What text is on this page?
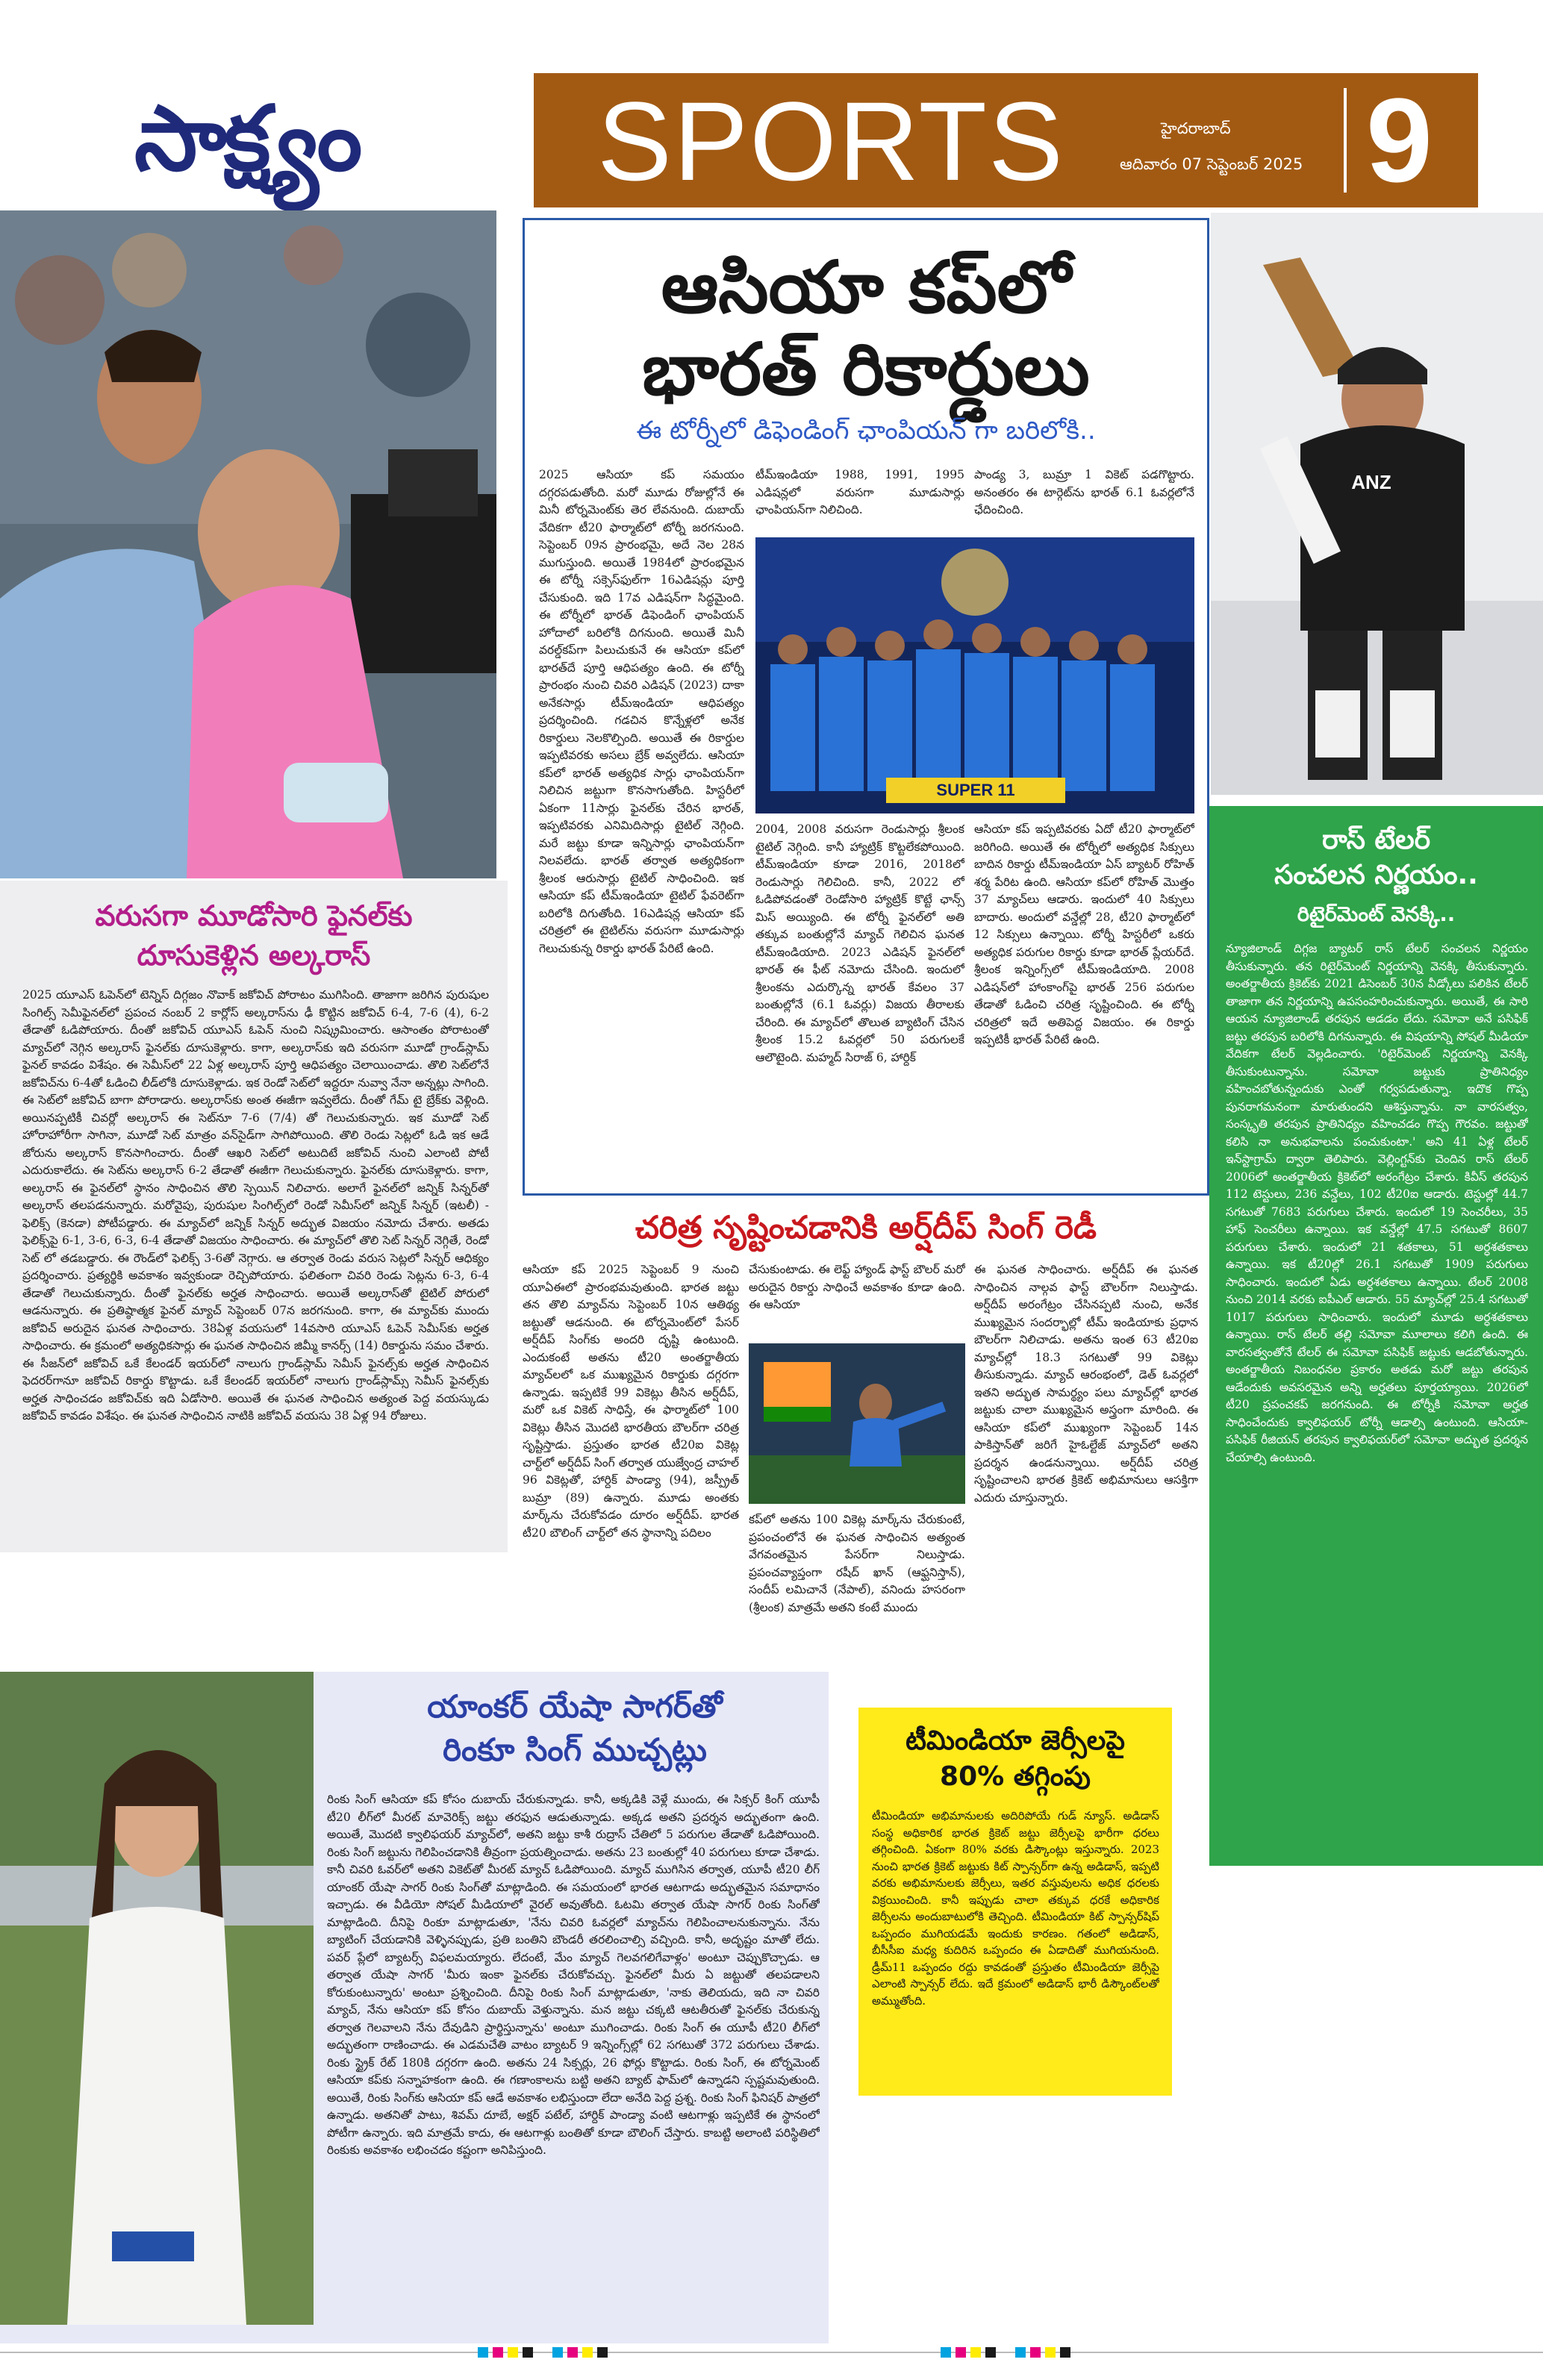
సాక్ష్యం	SPORTS	హైదరాబాద్
ఆదివారం 07 సెప్టెంబర్ 2025 9
ఆసియా కప్‌లో
భారత్ రికార్డులు
ఈ టోర్నీలో డిఫెండింగ్ ఛాంపియన్ గా బరిలోకి..

2025 ఆసియా కప్ సమయం దగ్గరపడుతోంది. మరో మూడు రోజుల్లోనే ఈ మినీ టోర్నమెంట్‌కు తెర లేవనుంది. దుబాయ్ వేదికగా టీ20 ఫార్మాట్‌లో టోర్నీ జరగనుంది. సెప్టెంబర్ 09న ప్రారంభమై, అదే నెల 28న ముగుస్తుంది. అయితే 1984లో ప్రారంభమైన ఈ టోర్నీ సక్సెస్‌ఫుల్‌గా 16ఎడిషన్లు పూర్తి చేసుకుంది. ఇది 17వ ఎడిషన్‌గా సిద్ధమైంది. ఈ టోర్నీలో భారత్ డిఫెండింగ్ ఛాంపియన్ హోదాలో బరిలోకి దిగనుంది. అయితే మినీ వరల్డ్‌కప్‌గా పిలుచుకునే ఈ ఆసియా కప్‌లో భారత్‌దే పూర్తి ఆధిపత్యం ఉంది. ఈ టోర్నీ ప్రారంభం నుంచి చివరి ఎడిషన్ (2023) దాకా అనేకసార్లు టీమ్‌ఇండియా ఆధిపత్యం ప్రదర్శించింది. గడచిన కొన్నేళ్లలో అనేక రికార్డులు నెలకొల్పింది. అయితే ఈ రికార్డుల ఇప్పటివరకు అసలు బ్రేక్ అవ్వలేదు. ఆసియా కప్‌లో భారత్ అత్యధిక సార్లు ఛాంపియన్‌గా నిలిచిన జట్టుగా కొనసాగుతోంది. హిస్టరీలో ఏకంగా 11సార్లు ఫైనల్‌కు చేరిన భారత్, ఇప్పటివరకు ఎనిమిదిసార్లు టైటిల్ నెగ్గింది. మరే జట్టు కూడా ఇన్నిసార్లు ఛాంపియన్‌గా నిలవలేదు. భారత్ తర్వాత అత్యధికంగా శ్రీలంక ఆరుసార్లు టైటిల్ సాధించింది. ఇక ఆసియా కప్ టీమ్‌ఇండియా టైటిల్ ఫేవరెట్‌గా బరిలోకి దిగుతోంది. 16ఎడిషన్ల ఆసియా కప్ చరిత్రలో ఈ టైటిల్‌ను వరుసగా మూడుసార్లు గెలుచుకున్న రికార్డు భారత్ పేరిటే ఉంది.

టీమ్‌ఇండియా 1988, 1991, 1995 ఎడిషన్లలో వరుసగా మూడుసార్లు ఛాంపియన్‌గా నిలిచింది.

పాండ్య 3, బుమ్రా 1 వికెట్ పడగొట్టారు. అనంతరం ఈ టార్గెట్‌ను భారత్ 6.1 ఓవర్లలోనే ఛేదించింది.

SUPER 11

2004, 2008 వరుసగా రెండుసార్లు శ్రీలంక టైటిల్ నెగ్గింది. కానీ హ్యాట్రిక్ కొట్టలేకపోయింది. టీమ్‌ఇండియా కూడా 2016, 2018లో రెండుసార్లు గెలిచింది. కానీ, 2022 లో ఓడిపోవడంతో రెండోసారి హ్యాట్రిక్ కొట్టే ఛాన్స్ మిస్ అయ్యింది. ఈ టోర్నీ ఫైనల్‌లో అతి తక్కువ బంతుల్లోనే మ్యాచ్ గెలిచిన ఘనత టీమ్‌ఇండియాది. 2023 ఎడిషన్ ఫైనల్‌లో భారత్ ఈ ఫీట్ నమోదు చేసింది. ఇందులో శ్రీలంకను ఎదుర్కొన్న భారత్ కేవలం 37 బంతుల్లోనే (6.1 ఓవర్లు) విజయ తీరాలకు చేరింది. ఈ మ్యాచ్‌లో తొలుత బ్యాటింగ్ చేసిన శ్రీలంక 15.2 ఓవర్లలో 50 పరుగులకే ఆలౌటైంది. మహ్మద్ సిరాజ్ 6, హార్దిక్

ఆసియా కప్ ఇప్పటివరకు ఏదో టీ20 ఫార్మాట్‌లో జరిగింది. అయితే ఈ టోర్నీలో అత్యధిక సిక్సులు బాదిన రికార్డు టీమ్‌ఇండియా ఏస్ బ్యాటర్ రోహిత్ శర్మ పేరిట ఉంది. ఆసియా కప్‌లో రోహిత్ మొత్తం 37 మ్యాచ్‌లు ఆడారు. ఇందులో 40 సిక్సులు బాదారు. అందులో వన్డేల్లో 28, టీ20 ఫార్మాట్‌లో 12 సిక్సులు ఉన్నాయి. టోర్నీ హిస్టరీలో ఒకరు అత్యధిక పరుగుల రికార్డు కూడా భారత్ ప్లేయర్‌దే. శ్రీలంక ఇన్నింగ్స్‌లో టీమ్‌ఇండియాది. 2008 ఎడిషన్‌లో హాంకాంగ్‌పై భారత్ 256 పరుగుల తేడాతో ఓడించి చరిత్ర సృష్టించింది. ఈ టోర్నీ చరిత్రలో ఇదే అతిపెద్ద విజయం. ఈ రికార్డు ఇప్పటికీ భారత్ పేరిటే ఉంది.

ANZ
వరుసగా మూడోసారి ఫైనల్‌కు
దూసుకెళ్లిన అల్కరాస్

2025 యూఎస్ ఓపెన్‌లో టెన్నిస్ దిగ్గజం నొవాక్ జకోవిచ్ పోరాటం ముగిసింది. తాజాగా జరిగిన పురుషుల సింగిల్స్ సెమీఫైనల్‌లో ప్రపంచ నంబర్ 2 కార్లోస్ అల్కరాస్‌ను ఢీ కొట్టిన జకోవిచ్ 6-4, 7-6 (4), 6-2 తేడాతో ఓడిపోయారు. దీంతో జకోవిచ్ యూఎస్ ఓపెన్ నుంచి నిష్క్రమించారు. ఆసాంతం పోరాటంతో మ్యాచ్‌లో నెగ్గిన అల్కరాస్ ఫైనల్‌కు దూసుకెళ్లారు. కాగా, అల్కరాస్‌కు ఇది వరుసగా మూడో గ్రాండ్‌స్లామ్ ఫైనల్ కావడం విశేషం. ఈ సెమీస్‌లో 22 ఏళ్ల అల్కరాస్ పూర్తి ఆధిపత్యం చెలాయించాడు. తొలి సెట్‌లోనే జకోవిచ్‌ను 6-4తో ఓడించి లీడ్‌లోకి దూసుకెళ్లాడు. ఇక రెండో సెట్‌లో ఇద్దరూ నువ్వా నేనా అన్నట్లు సాగింది. ఈ సెట్‌లో జకోవిచ్ బాగా పోరాడారు. అల్కరాస్‌కు అంత ఈజీగా ఇవ్వలేదు. దీంతో గేమ్ టై బ్రేక్‌కు వెళ్లింది. అయినప్పటికీ చివర్లో అల్కరాస్ ఈ సెట్‌నూ 7-6 (7/4) తో గెలుచుకున్నారు. ఇక మూడో సెట్ హోరాహోరీగా సాగినా, మూడో సెట్ మాత్రం వన్‌సైడ్‌గా సాగిపోయింది. తొలి రెండు సెట్లలో ఓడి ఇక ఆడే జోరును అల్కరాస్ కొనసాగించారు. దీంతో ఆఖరి సెట్‌లో అటుదిటే జకోవిచ్ నుంచి ఎలాంటి పోటీ ఎదురుకాలేదు. ఈ సెట్‌ను అల్కరాస్ 6-2 తేడాతో ఈజీగా గెలుచుకున్నారు. ఫైనల్‌కు దూసుకెళ్లారు. కాగా, అల్కరాస్ ఈ ఫైనల్‌లో స్థానం సాధించిన తొలి స్పెయిన్ నిలిచారు. అలాగే ఫైనల్‌లో జన్నిక్ సిన్నర్‌తో అల్కరాస్ తలపడనున్నారు. మరోవైపు, పురుషుల సింగిల్స్‌లో రెండో సెమీస్‌లో జన్నిక్ సిన్నర్ (ఇటలీ) - ఫెలిక్స్ (కెనడా) పోటీపడ్డారు. ఈ మ్యాచ్‌లో జన్నిక్ సిన్నర్ అద్భుత విజయం నమోదు చేశారు. అతడు ఫెలిక్స్‌పై 6-1, 3-6, 6-3, 6-4 తేడాతో విజయం సాధించారు. ఈ మ్యాచ్‌లో తొలి సెట్ సిన్నర్ నెగ్గితే, రెండో సెట్ లో తడబడ్డారు. ఈ రౌండ్‌లో ఫెలిక్స్ 3-6తో నెగ్గారు. ఆ తర్వాత రెండు వరుస సెట్లలో సిన్నర్ ఆధిక్యం ప్రదర్శించారు. ప్రత్యర్థికి అవకాశం ఇవ్వకుండా రెచ్చిపోయారు. ఫలితంగా చివరి రెండు సెట్లను 6-3, 6-4 తేడాతో గెలుచుకున్నారు. దీంతో ఫైనల్‌కు అర్హత సాధించారు. అయితే అల్కరాస్‌తో టైటిల్ పోరులో ఆడనున్నారు. ఈ ప్రతిష్ఠాత్మక ఫైనల్ మ్యాచ్ సెప్టెంబర్ 07న జరగనుంది. కాగా, ఈ మ్యాచ్‌కు ముందు జకోవిచ్ అరుదైన ఘనత సాధించారు. 38ఏళ్ల వయసులో 14వసారి యూఎస్ ఓపెన్ సెమీస్‌కు అర్హత సాధించారు. ఈ క్రమంలో అత్యధికసార్లు ఈ ఘనత సాధించిన జిమ్మీ కానర్స్ (14) రికార్డును సమం చేశారు. ఈ సీజన్‌లో జకోవిచ్ ఒకే కేలండర్ ఇయర్‌లో నాలుగు గ్రాండ్‌స్లామ్ సెమీస్ ఫైనల్స్‌కు అర్హత సాధించిన ఫెదరర్‌గానూ జకోవిచ్ రికార్డు కొట్టాడు. ఒకే కేలండర్ ఇయర్‌లో నాలుగు గ్రాండ్‌స్లామ్స్ సెమీస్ ఫైనల్స్‌కు అర్హత సాధించడం జకోవిచ్‌కు ఇది ఏడోసారి. అయితే ఈ ఘనత సాధించిన అత్యంత పెద్ద వయస్కుడు జకోవిచ్ కావడం విశేషం. ఈ ఘనత సాధించిన నాటికి జకోవిచ్ వయసు 38 ఏళ్ల 94 రోజులు.

చరిత్ర సృష్టించడానికి అర్ష్‌దీప్ సింగ్ రెడీ

ఆసియా కప్ 2025 సెప్టెంబర్ 9 నుంచి యూఏఈలో ప్రారంభమవుతుంది. భారత జట్టు తన తొలి మ్యాచ్‌ను సెప్టెంబర్ 10న ఆతిథ్య జట్టుతో ఆడనుంది. ఈ టోర్నమెంట్‌లో పేసర్ అర్ష్‌దీప్ సింగ్‌కు అందరి దృష్టి ఉంటుంది. ఎందుకంటే అతను టీ20 అంతర్జాతీయ మ్యాచ్‌లలో ఒక ముఖ్యమైన రికార్డుకు దగ్గరగా ఉన్నాడు. ఇప్పటికే 99 వికెట్లు తీసిన అర్ష్‌దీప్, మరో ఒక వికెట్ సాధిస్తే, ఈ ఫార్మాట్‌లో 100 వికెట్లు తీసిన మొదటి భారతీయ బౌలర్‌గా చరిత్ర సృష్టిస్తాడు. ప్రస్తుతం భారత టీ20ఐ వికెట్ల చార్ట్‌లో అర్ష్‌దీప్ సింగ్ తర్వాత యుజ్వేంద్ర చాహల్ 96 వికెట్లతో, హార్దిక్ పాండ్యా (94), జస్ప్రీత్ బుమ్రా (89) ఉన్నారు. మూడు అంతకు మార్క్‌ను చేరుకోవడం దూరం అర్ష్‌దీప్. భారత టీ20 బౌలింగ్ చార్ట్‌లో తన స్థానాన్ని పదిలం

చేసుకుంటాడు. ఈ లెఫ్ట్ హ్యాండ్ ఫాస్ట్ బౌలర్ మరో అరుదైన రికార్డు సాధించే అవకాశం కూడా ఉంది. ఈ ఆసియా

కప్‌లో అతను 100 వికెట్ల మార్క్‌ను చేరుకుంటే, ప్రపంచంలోనే ఈ ఘనత సాధించిన అత్యంత వేగవంతమైన పేసర్‌గా నిలుస్తాడు. ప్రపంచవ్యాప్తంగా రషీద్ ఖాన్ (ఆఫ్ఘనిస్తాన్), సందీప్ లమిచానే (నేపాల్), వనిందు హసరంగా (శ్రీలంక) మాత్రమే అతని కంటే ముందు

ఈ ఘనత సాధించారు. అర్ష్‌దీప్ ఈ ఘనత సాధించిన నాల్గవ ఫాస్ట్ బౌలర్‌గా నిలుస్తాడు. అర్ష్‌దీప్ అరంగేట్రం చేసినప్పటి నుంచి, అనేక ముఖ్యమైన సందర్భాల్లో టీమ్ ఇండియాకు ప్రధాన బౌలర్‌గా నిలిచాడు. అతను ఇంత 63 టీ20ఐ మ్యాచ్‌ల్లో 18.3 సగటుతో 99 వికెట్లు తీసుకున్నాడు. మ్యాచ్ ఆరంభంలో, డెత్ ఓవర్లలో ఇతని అద్భుత సామర్థ్యం పలు మ్యాచ్‌ల్లో భారత జట్టుకు చాలా ముఖ్యమైన అస్త్రంగా మారింది. ఈ ఆసియా కప్‌లో ముఖ్యంగా సెప్టెంబర్ 14న పాకిస్తాన్‌తో జరిగే హైఓల్టేజ్ మ్యాచ్‌లో అతని ప్రదర్శన ఉండనున్నాయి. అర్ష్‌దీప్ చరిత్ర సృష్టించాలని భారత క్రికెట్ అభిమానులు ఆసక్తిగా ఎదురు చూస్తున్నారు.

రాస్ టేలర్
సంచలన నిర్ణయం..
రిటైర్‌మెంట్ వెనక్కి..

న్యూజిలాండ్ దిగ్గజ బ్యాటర్ రాస్ టేలర్ సంచలన నిర్ణయం తీసుకున్నారు. తన రిటైర్‌మెంట్ నిర్ణయాన్ని వెనక్కి తీసుకున్నారు. అంతర్జాతీయ క్రికెట్‌కు 2021 డిసెంబర్ 30న వీడ్కోలు పలికిన టేలర్ తాజాగా తన నిర్ణయాన్ని ఉపసంహరించుకున్నారు. అయితే, ఈ సారి ఆయన న్యూజిలాండ్ తరపున ఆడడం లేదు. సమోవా అనే పసిఫిక్ జట్టు తరపున బరిలోకి దిగనున్నారు. ఈ విషయాన్ని సోషల్ మీడియా వేదికగా టేలర్ వెల్లడించారు. 'రిటైర్‌మెంట్ నిర్ణయాన్ని వెనక్కి తీసుకుంటున్నాను. సమోవా జట్టుకు ప్రాతినిధ్యం వహించబోతున్నందుకు ఎంతో గర్వపడుతున్నా. ఇదొక గొప్ప పునరాగమనంగా మారుతుందని ఆశిస్తున్నాను. నా వారసత్వం, సంస్కృతి తరపున ప్రాతినిధ్యం వహించడం గొప్ప గౌరవం. జట్టుతో కలిసి నా అనుభవాలను పంచుకుంటా.' అని 41 ఏళ్ల టేలర్ ఇన్‌స్టాగ్రామ్ ద్వారా తెలిపారు. వెల్లింగ్టన్‌కు చెందిన రాస్ టేలర్ 2006లో అంతర్జాతీయ క్రికెట్‌లో అరంగేట్రం చేశారు. కివీస్ తరపున 112 టెస్టులు, 236 వన్డేలు, 102 టీ20ఐ ఆడారు. టెస్టుల్లో 44.7 సగటుతో 7683 పరుగులు చేశారు. ఇందులో 19 సెంచరీలు, 35 హాఫ్ సెంచరీలు ఉన్నాయి. ఇక వన్డేల్లో 47.5 సగటుతో 8607 పరుగులు చేశారు. ఇందులో 21 శతకాలు, 51 అర్ధశతకాలు ఉన్నాయి. ఇక టీ20ల్లో 26.1 సగటుతో 1909 పరుగులు సాధించారు. ఇందులో ఏడు అర్ధశతకాలు ఉన్నాయి. టేలర్ 2008 నుంచి 2014 వరకు ఐపీఎల్ ఆడారు. 55 మ్యాచ్‌ల్లో 25.4 సగటుతో 1017 పరుగులు సాధించారు. ఇందులో మూడు అర్ధశతకాలు ఉన్నాయి. రాస్ టేలర్ తల్లి సమోవా మూలాలు కలిగి ఉంది. ఈ వారసత్వంతోనే టేలర్ ఈ సమోవా పసిఫిక్ జట్టుకు ఆడబోతున్నారు. అంతర్జాతీయ నిబంధనల ప్రకారం అతడు మరో జట్టు తరపున ఆడేందుకు అవసరమైన అన్ని అర్హతలు పూర్తయ్యాయి. 2026లో టీ20 ప్రపంచకప్ జరగనుంది. ఈ టోర్నీకి సమోవా అర్హత సాధించేందుకు క్వాలిఫయర్ టోర్నీ ఆడాల్సి ఉంటుంది. ఆసియా-పసిఫిక్ రీజియన్ తరపున క్వాలిఫయర్‌లో సమోవా అద్భుత ప్రదర్శన చేయాల్సి ఉంటుంది.

యాంకర్ యేషా సాగర్‌తో
రింకూ సింగ్ ముచ్చట్లు

రింకు సింగ్ ఆసియా కప్ కోసం దుబాయ్ చేరుకున్నాడు. కానీ, అక్కడికి వెళ్లే ముందు, ఈ సిక్సర్ కింగ్ యూపీ టీ20 లీగ్‌లో మీరట్ మావెరిక్స్ జట్టు తరఫున ఆడుతున్నాడు. అక్కడ అతని ప్రదర్శన అద్భుతంగా ఉంది. అయితే, మొదటి క్వాలిఫయర్ మ్యాచ్‌లో, అతని జట్టు కాశీ రుద్రాస్ చేతిలో 5 పరుగుల తేడాతో ఓడిపోయింది. రింకు సింగ్ జట్టును గెలిపించడానికి తీవ్రంగా ప్రయత్నించాడు. అతను 23 బంతుల్లో 40 పరుగులు కూడా చేశాడు. కానీ చివరి ఓవర్‌లో అతని వికెట్‌తో మీరట్ మ్యాచ్ ఓడిపోయింది. మ్యాచ్ ముగిసిన తర్వాత, యూపీ టీ20 లీగ్ యాంకర్ యేషా సాగర్ రింకు సింగ్‌తో మాట్లాడింది. ఈ సమయంలో భారత ఆటగాడు అద్భుతమైన సమాధానం ఇచ్చాడు. ఈ వీడియో సోషల్ మీడియాలో వైరల్ అవుతోంది. ఓటమి తర్వాత యేషా సాగర్ రింకు సింగ్‌తో మాట్లాడింది. దీనిపై రింకూ మాట్లాడుతూ, 'నేను చివరి ఓవర్లలో మ్యాచ్‌ను గెలిపించాలనుకున్నాను. నేను బ్యాటింగ్ చేయడానికి వెళ్ళినప్పుడు, ప్రతి బంతిని బౌండరీ తరలించాల్సి వచ్చింది. కానీ, అదృష్టం మాతో లేదు. పవర్ ప్లేలో బ్యాటర్స్ విఫలమయ్యారు. లేదంటే, మేం మ్యాచ్ గెలవగలిగేవాళ్లం' అంటూ చెప్పుకొచ్చాడు. ఆ తర్వాత యేషా సాగర్ 'మీరు ఇంకా ఫైనల్‌కు చేరుకోవచ్చు. ఫైనల్‌లో మీరు ఏ జట్టుతో తలపడాలని కోరుకుంటున్నారు' అంటూ ప్రశ్నించింది. దీనిపై రింకు సింగ్ మాట్లాడుతూ, 'నాకు తెలియదు, ఇది నా చివరి మ్యాచ్, నేను ఆసియా కప్ కోసం దుబాయ్ వెళ్తున్నాను. మన జట్టు చక్కటి ఆటతీరుతో ఫైనల్‌కు చేరుకున్న తర్వాత గెలవాలని నేను దేవుడిని ప్రార్థిస్తున్నాను' అంటూ ముగించాడు. రింకు సింగ్ ఈ యూపీ టీ20 లీగ్‌లో అద్భుతంగా రాణించాడు. ఈ ఎడమచేతి వాటం బ్యాటర్ 9 ఇన్నింగ్స్‌ల్లో 62 సగటుతో 372 పరుగులు చేశాడు. రింకు స్ట్రైక్ రేట్ 180కి దగ్గరగా ఉంది. అతను 24 సిక్సర్లు, 26 ఫోర్లు కొట్టాడు. రింకు సింగ్, ఈ టోర్నమెంట్ ఆసియా కప్‌కు సన్నాహకంగా ఉంది. ఈ గణాంకాలను బట్టి అతని బ్యాట్ ఫామ్‌లో ఉన్నాడని స్పష్టమవుతుంది. అయితే, రింకు సింగ్‌కు ఆసియా కప్ ఆడే అవకాశం లభిస్తుందా లేదా అనేది పెద్ద ప్రశ్న. రింకు సింగ్ ఫినిషర్ పాత్రలో ఉన్నాడు. అతనితో పాటు, శివమ్ దూబే, అక్షర్ పటేల్, హార్దిక్ పాండ్యా వంటి ఆటగాళ్లు ఇప్పటికే ఈ స్థానంలో పోటీగా ఉన్నారు. ఇది మాత్రమే కాదు, ఈ ఆటగాళ్లు బంతితో కూడా బౌలింగ్ చేస్తారు. కాబట్టి అలాంటి పరిస్థితిలో రింకుకు అవకాశం లభించడం కష్టంగా అనిపిస్తుంది.

టీమిండియా జెర్సీలపై
80% తగ్గింపు

టీమిండియా అభిమానులకు అదిరిపోయే గుడ్ న్యూస్. అడిడాస్ సంస్థ అధికారిక భారత క్రికెట్ జట్టు జెర్సీలపై భారీగా ధరలు తగ్గించింది. ఏకంగా 80% వరకు డిస్కౌంట్లు ఇస్తున్నారు. 2023 నుంచి భారత క్రికెట్ జట్టుకు కిట్ స్పాన్సర్‌గా ఉన్న అడిడాస్, ఇప్పటి వరకు అభిమానులకు జెర్సీలు, ఇతర వస్తువులను అధిక ధరలకు విక్రయించింది. కానీ ఇప్పుడు చాలా తక్కువ ధరకే అధికారిక జెర్సీలను అందుబాటులోకి తెచ్చింది. టీమిండియా కిట్ స్పాన్సర్‌షిప్ ఒప్పందం ముగియడమే ఇందుకు కారణం. గతంలో అడిడాస్, బీసీసీఐ మధ్య కుదిరిన ఒప్పందం ఈ ఏడాదితో ముగియనుంది. డ్రీమ్11 ఒప్పందం రద్దు కావడంతో ప్రస్తుతం టీమిండియా జెర్సీపై ఎలాంటి స్పాన్సర్ లేదు. ఇదే క్రమంలో అడిడాస్ భారీ డిస్కౌంట్‌లతో అమ్ముతోంది.
